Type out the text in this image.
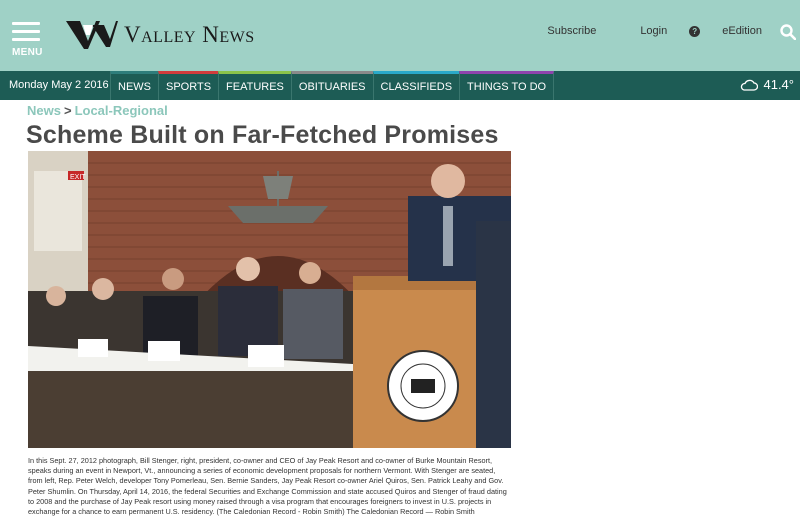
MENU
Valley News	Subscribe	Login	? eEdition
Monday May 2 2016 NEWS SPORTS FEATURES OBITUARIES CLASSIFIEDS THINGS TO DO	41.4°
News > Local-Regional
Scheme Built on Far-Fetched Promises
EXIT

In this Sept. 27, 2012 photograph, Bill Stenger, right, president, co-owner and CEO of Jay Peak Resort and co-owner of Burke Mountain Resort, speaks during an event in Newport, Vt., announcing a series of economic development proposals for northern Vermont. With Stenger are seated, from left, Rep. Peter Welch, developer Tony Pomerleau, Sen. Bernie Sanders, Jay Peak Resort co-owner Ariel Quiros, Sen. Patrick Leahy and Gov. Peter Shumlin. On Thursday, April 14, 2016, the federal Securities and Exchange Commission and state accused Quiros and Stenger of fraud dating to 2008 and the purchase of Jay Peak resort using money raised through a visa program that encourages foreigners to invest in U.S. projects in exchange for a chance to earn permanent U.S. residency. (The Caledonian Record - Robin Smith) The Caledonian Record — Robin Smith
